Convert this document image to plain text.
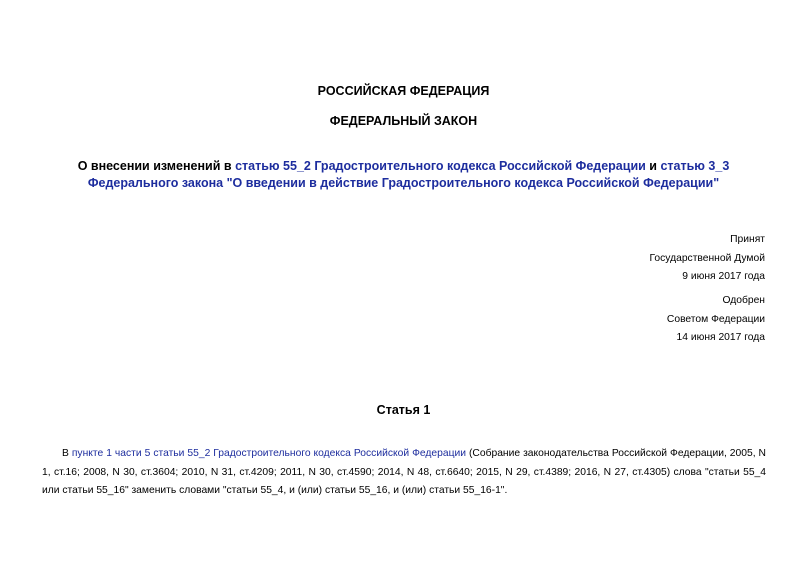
РОССИЙСКАЯ ФЕДЕРАЦИЯ
ФЕДЕРАЛЬНЫЙ ЗАКОН
О внесении изменений в статью 55_2 Градостроительного кодекса Российской Федерации и статью 3_3
Федерального закона "О введении в действие Градостроительного кодекса Российской Федерации"
Принят
Государственной Думой
9 июня 2017 года
Одобрен
Советом Федерации
14 июня 2017 года
Статья 1
В пункте 1 части 5 статьи 55_2 Градостроительного кодекса Российской Федерации (Собрание законодательства Российской Федерации, 2005, N 1, ст.16; 2008, N 30, ст.3604; 2010, N 31, ст.4209; 2011, N 30, ст.4590; 2014, N 48, ст.6640; 2015, N 29, ст.4389; 2016, N 27, ст.4305) слова "статьи 55_4 или статьи 55_16" заменить словами "статьи 55_4, и (или) статьи 55_16, и (или) статьи 55_16-1".
